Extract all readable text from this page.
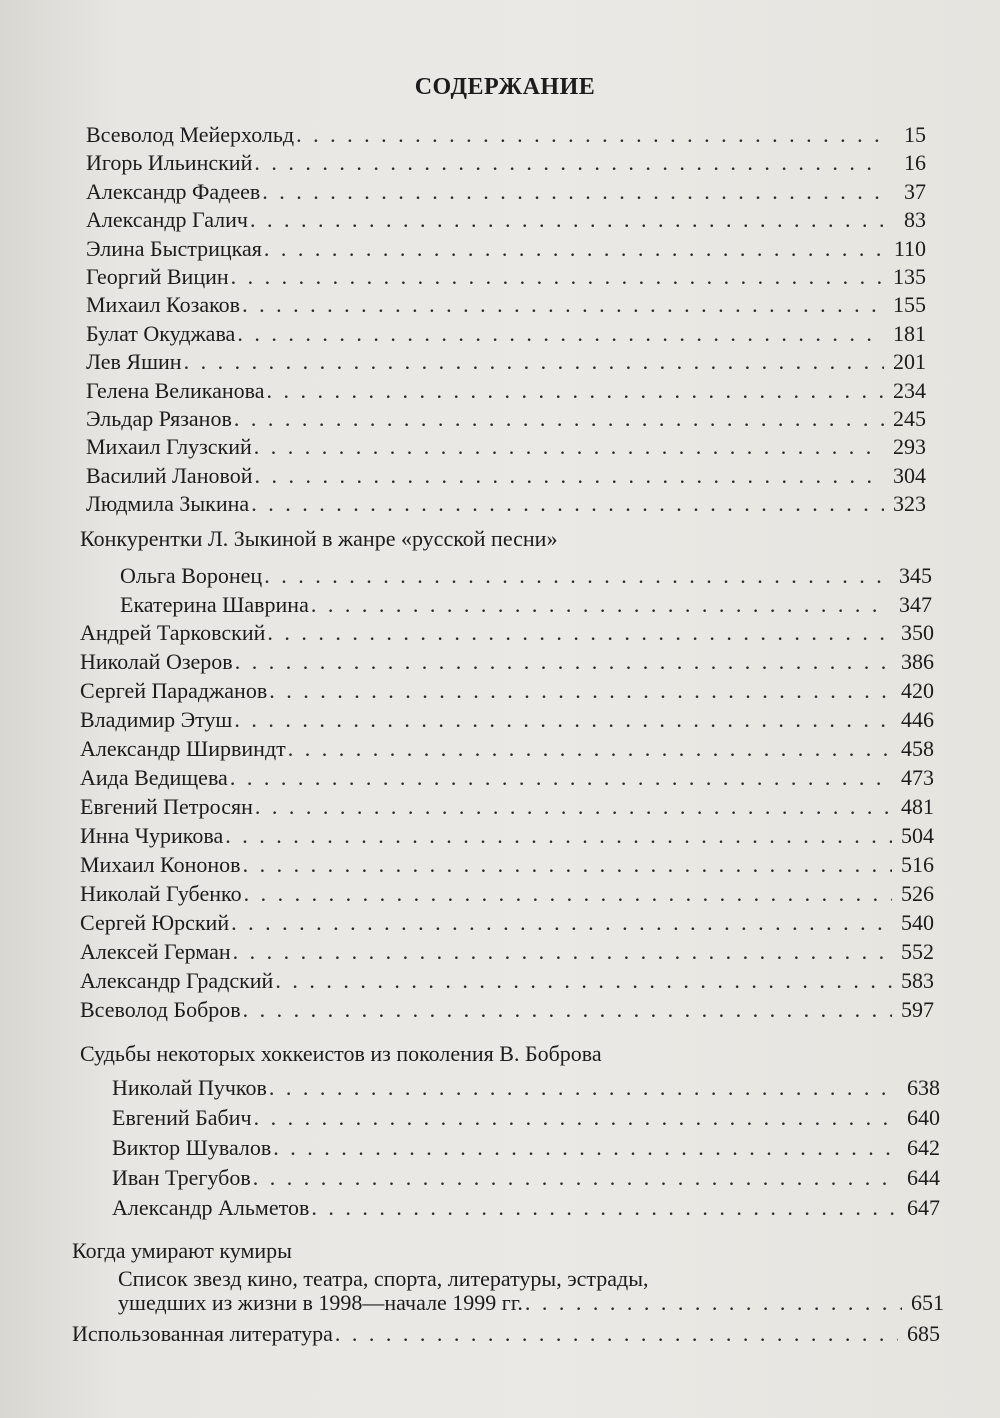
СОДЕРЖАНИЕ
Всеволод Мейерхольд . . .	15
Игорь Ильинский . . .	16
Александр Фадеев . . .	37
Александр Галич . . .	83
Элина Быстрицкая . . .	110
Георгий Вицин . . .	135
Михаил Козаков . . .	155
Булат Окуджава . . .	181
Лев Яшин . . .	201
Гелена Великанова . . .	234
Эльдар Рязанов . . .	245
Михаил Глузский . . .	293
Василий Лановой . . .	304
Людмила Зыкина . . .	323
Конкурентки Л. Зыкиной в жанре «русской песни»
Ольга Воронец . . .	345
Екатерина Шаврина . . .	347
Андрей Тарковский . . .	350
Николай Озеров . . .	386
Сергей Параджанов . . .	420
Владимир Этуш . . .	446
Александр Ширвиндт . . .	458
Аида Ведищева . . .	473
Евгений Петросян . . .	481
Инна Чурикова . . .	504
Михаил Кононов . . .	516
Николай Губенко . . .	526
Сергей Юрский . . .	540
Алексей Герман . . .	552
Александр Градский . . .	583
Всеволод Бобров . . .	597
Судьбы некоторых хоккеистов из поколения В. Боброва
Николай Пучков . . .	638
Евгений Бабич . . .	640
Виктор Шувалов . . .	642
Иван Трегубов . . .	644
Александр Альметов . . .	647
Когда умирают кумиры
Список звезд кино, театра, спорта, литературы, эстрады,
ушедших из жизни в 1998—начале 1999 гг. . . .	651
Использованная литература . . .	685
